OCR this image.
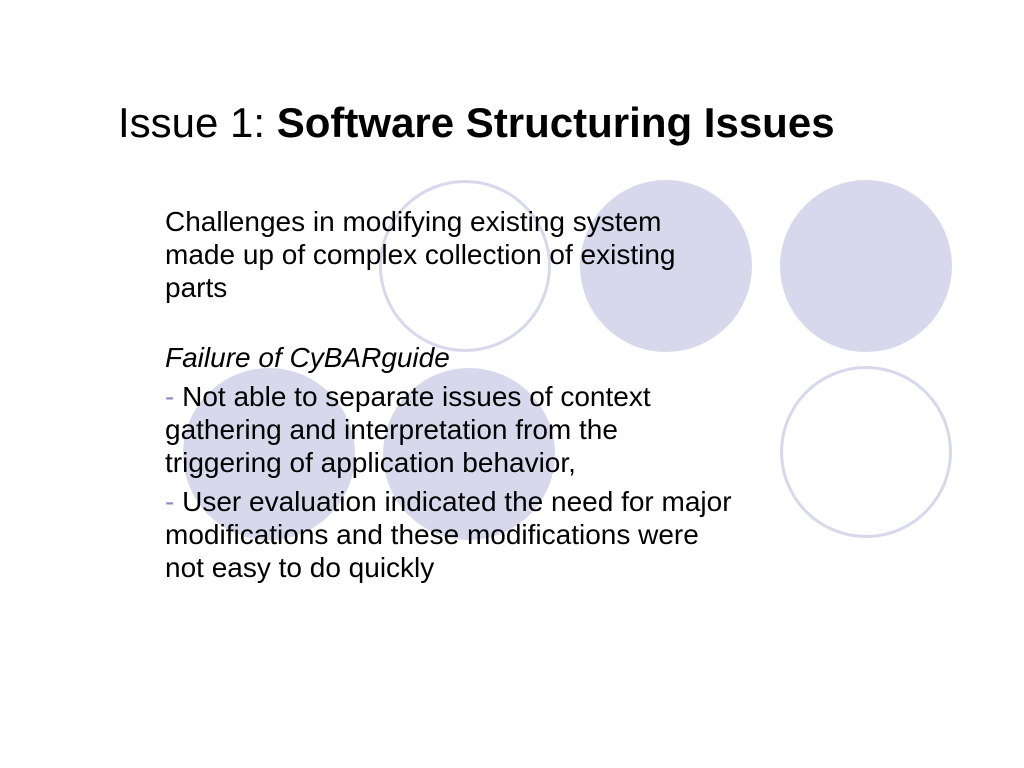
Issue 1: Software Structuring Issues

Challenges in modifying existing system
made up of complex collection of existing
parts

Failure of CyBARguide

- Not able to separate issues of context
gathering and interpretation from the
triggering of application behavior,

- User evaluation indicated the need for major
modifications and these modifications were
not easy to do quickly
